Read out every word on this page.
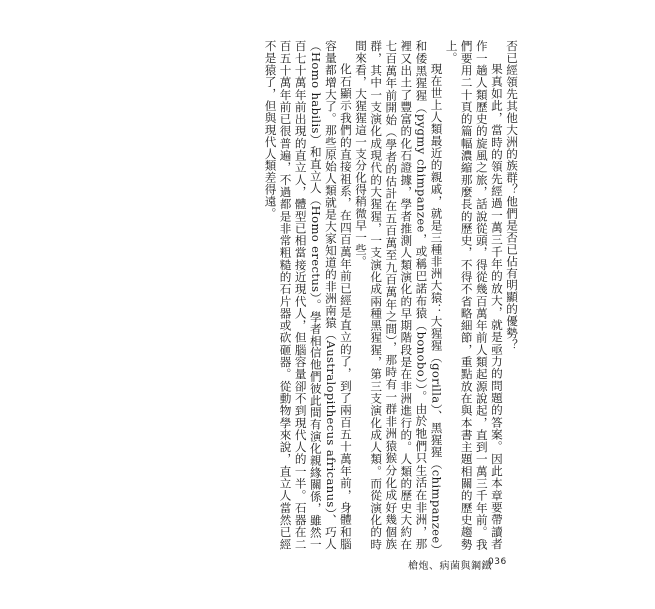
否已經領先其他大洲的族群？他們是否已佔有明顯的優勢？

果真如此，當時的領先經過一萬三千年的放大，就是亟力的問題的答案。因此本章要帶讀者作一趟人類歷史的旋風之旅，話說從頭，得從幾百萬年前人類起源說起，直到一萬三千年前。我們要用二十頁的篇幅濃縮那麼長的歷史，不得不省略細節，重點放在與本書主題相關的歷史趨勢上。

現在世上人類最近的親戚，就是三種非洲大猿：大猩猩（gorilla）、黑猩猩（chimpanzee）和倭黑猩猩（pygmy chimpanzee，或稱巴諾布猿（bonobo））。由於牠們只生活在非洲，那裡又出土了豐富的化石證據，學者推測人類演化的早期階段是在非洲進行的。人類的歷史大約在七百萬年前開始（學者的估計在五百萬至九百萬年之間），那時有一群非洲猿猴分化成好幾個族群，其中一支演化成現代的大猩猩，一支演化成兩種黑猩猩，第三支演化成人類。而從演化的時間來看，大猩猩這一支分化得稍微早一些。

化石顯示我們的直接祖系，在四百萬年前已經是直立的了，到了兩百五十萬年前，身體和腦容量都增大了。那些原始人類就是大家知道的非洲南猿（Australopithecus africanus）、巧人（Homo habilis）和直立人（Homo erectus）。學者相信他們彼此間有演化親緣關係，雖然一百七十萬年前出現的直立人，體型已相當接近現代人，但腦容量卻不到現代人的一半。石器在二百五十萬年前已很普遍，不過都是非常粗糙的石片器或砍砸器。從動物學來說，直立人當然已經不是猿了，但與現代人類差得遠。

槍炮、病菌與鋼鐵
036
